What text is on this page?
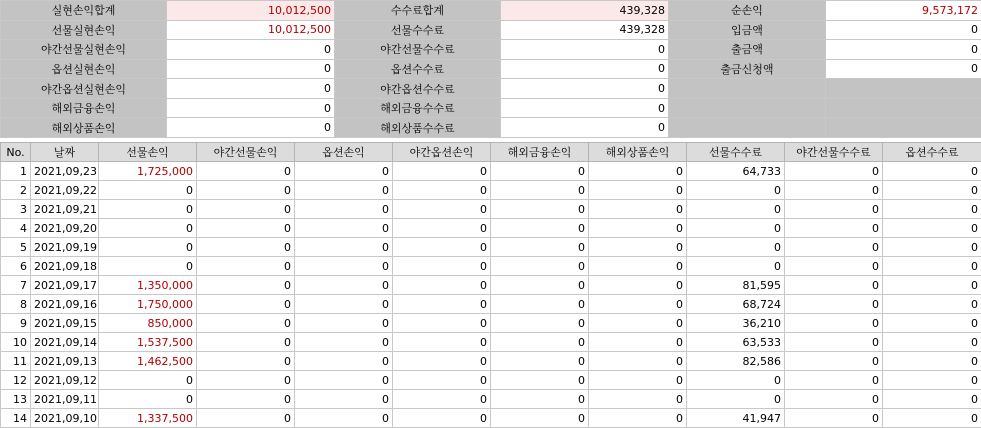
실현손익합계	10,012,500	수수료합계	439,328	순손익	9,573,172
선물실현손익	10,012,500	선물수수료	439,328	입금액	0
야간선물실현손익	0	야간선물수수료	0	출금액	0
옵션실현손익	0	옵션수수료	0	출금신청액	0
야간옵션실현손익	0	야간옵션수수료	0		
해외금융손익	0	해외금융수수료	0		
해외상품손익	0	해외상품수수료	0		
No.	날짜	선물손익	야간선물손익	옵션손익	야간옵션손익	해외금융손익	해외상품손익	선물수수료	야간선물수수료	옵션수수료
1	2021,09,23	1,725,000	0	0	0	0	0	64,733	0	0
2	2021,09,22	0	0	0	0	0	0	0	0	0
3	2021,09,21	0	0	0	0	0	0	0	0	0
4	2021,09,20	0	0	0	0	0	0	0	0	0
5	2021,09,19	0	0	0	0	0	0	0	0	0
6	2021,09,18	0	0	0	0	0	0	0	0	0
7	2021,09,17	1,350,000	0	0	0	0	0	81,595	0	0
8	2021,09,16	1,750,000	0	0	0	0	0	68,724	0	0
9	2021,09,15	850,000	0	0	0	0	0	36,210	0	0
10	2021,09,14	1,537,500	0	0	0	0	0	63,533	0	0
11	2021,09,13	1,462,500	0	0	0	0	0	82,586	0	0
12	2021,09,12	0	0	0	0	0	0	0	0	0
13	2021,09,11	0	0	0	0	0	0	0	0	0
14	2021,09,10	1,337,500	0	0	0	0	0	41,947	0	0
